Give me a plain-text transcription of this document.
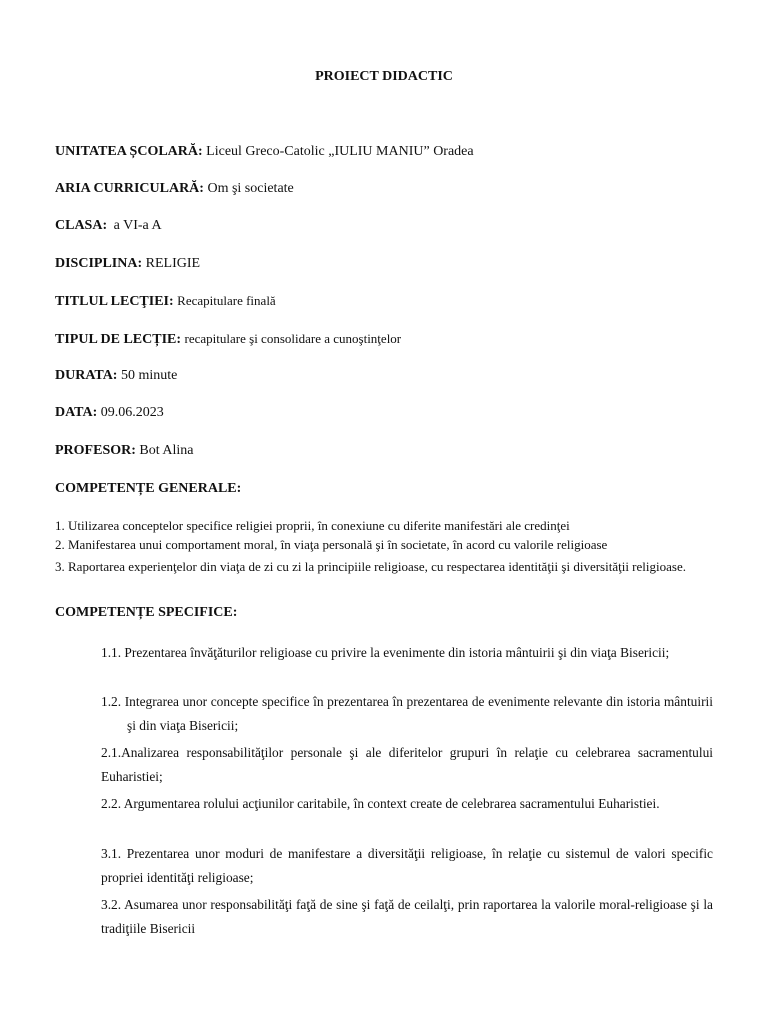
PROIECT DIDACTIC
UNITATEA ȘCOLARĂ: Liceul Greco-Catolic „IULIU MANIU” Oradea
ARIA CURRICULARĂ: Om şi societate
CLASA: a VI-a A
DISCIPLINA: RELIGIE
TITLUL LECŢIEI: Recapitulare finală
TIPUL DE LECȚIE: recapitulare şi consolidare a cunoştinţelor
DURATA: 50 minute
DATA: 09.06.2023
PROFESOR: Bot Alina
COMPETENȚE GENERALE:
1. Utilizarea conceptelor specifice religiei proprii, în conexiune cu diferite manifestări ale credinţei
2. Manifestarea unui comportament moral, în viaţa personală şi în societate, în acord cu valorile religioase
3. Raportarea experienţelor din viaţa de zi cu zi la principiile religioase, cu respectarea identităţii şi diversităţii religioase.
COMPETENȚE SPECIFICE:
1.1. Prezentarea învăţăturilor religioase cu privire la evenimente din istoria mântuirii şi din viaţa Bisericii;
1.2. Integrarea unor concepte specifice în prezentarea în prezentarea de evenimente relevante din istoria mântuirii şi din viaţa Bisericii;
2.1.Analizarea responsabilităţilor personale şi ale diferitelor grupuri în relaţie cu celebrarea sacramentului Euharistiei;
2.2. Argumentarea rolului acţiunilor caritabile, în context create de celebrarea sacramentului Euharistiei.
3.1. Prezentarea unor moduri de manifestare a diversităţii religioase, în relaţie cu sistemul de valori specific propriei identităţi religioase;
3.2. Asumarea unor responsabilităţi faţă de sine şi faţă de ceilalţi, prin raportarea la valorile moral-religioase şi la tradiţiile Bisericii
